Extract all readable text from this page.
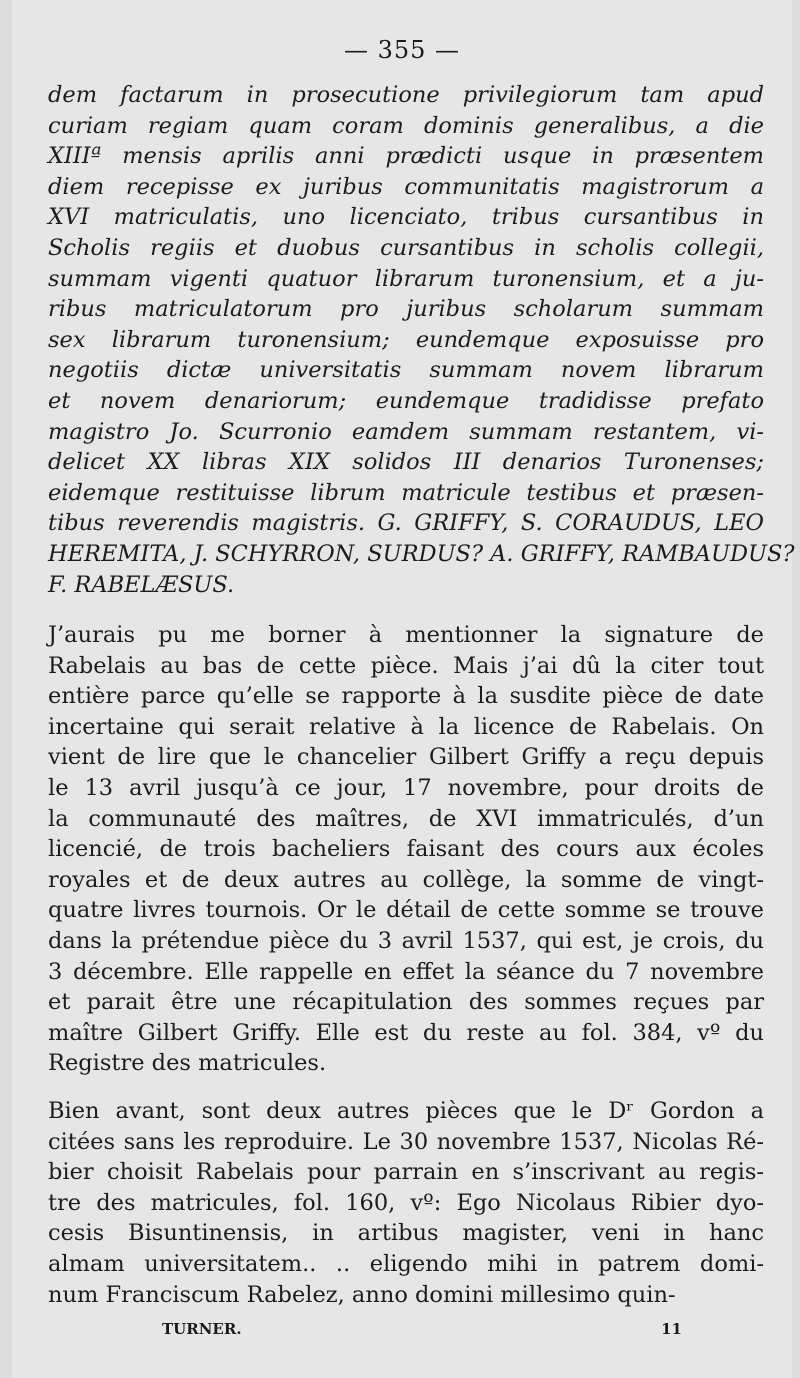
— 355 —
dem factarum in prosecutione privilegiorum tam apud
curiam regiam quam coram dominis generalibus, a die
XIIIª mensis aprilis anni prædicti usque in præsentem
diem recepisse ex juribus communitatis magistrorum a
XVI matriculatis, uno licenciato, tribus cursantibus in
Scholis regiis et duobus cursantibus in scholis collegii,
summam vigenti quatuor librarum turonensium, et a ju-
ribus matriculatorum pro juribus scholarum summam
sex librarum turonensium; eundemque exposuisse pro
negotiis dictæ universitatis summam novem librarum
et novem denariorum; eundemque tradidisse prefato
magistro Jo. Scurronio eamdem summam restantem, vi-
delicet XX libras XIX solidos III denarios Turonenses;
eidemque restituisse librum matricule testibus et præsen-
tibus reverendis magistris. G. GRIFFY, S. CORAUDUS, LEO
HEREMITA, J. SCHYRRON, SURDUS? A. GRIFFY, RAMBAUDUS?
F. RABELÆSUS.
J’aurais pu me borner à mentionner la signature de
Rabelais au bas de cette pièce. Mais j’ai dû la citer tout
entière parce qu’elle se rapporte à la susdite pièce de date
incertaine qui serait relative à la licence de Rabelais. On
vient de lire que le chancelier Gilbert Griffy a reçu depuis
le 13 avril jusqu’à ce jour, 17 novembre, pour droits de
la communauté des maîtres, de XVI immatriculés, d’un
licencié, de trois bacheliers faisant des cours aux écoles
royales et de deux autres au collège, la somme de vingt-
quatre livres tournois. Or le détail de cette somme se trouve
dans la prétendue pièce du 3 avril 1537, qui est, je crois, du
3 décembre. Elle rappelle en effet la séance du 7 novembre
et parait être une récapitulation des sommes reçues par
maître Gilbert Griffy. Elle est du reste au fol. 384, vº du
Registre des matricules.
Bien avant, sont deux autres pièces que le Dʳ Gordon a
citées sans les reproduire. Le 30 novembre 1537, Nicolas Ré-
bier choisit Rabelais pour parrain en s’inscrivant au regis-
tre des matricules, fol. 160, vº: Ego Nicolaus Ribier dyo-
cesis Bisuntinensis, in artibus magister, veni in hanc
almam universitatem.. .. eligendo mihi in patrem domi-
num Franciscum Rabelez, anno domini millesimo quin-
TURNER.	11
